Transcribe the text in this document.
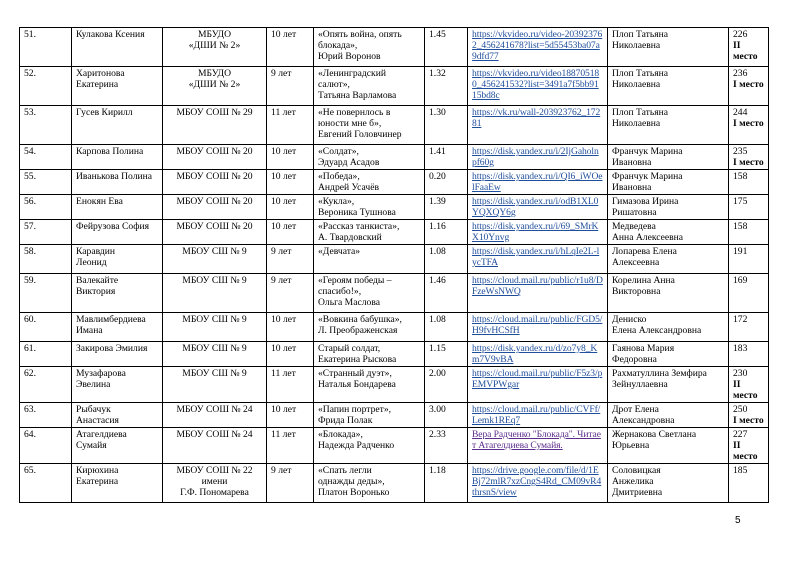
51.	Кулакова Ксения	МБУДО
«ДШИ № 2»	10 лет	«Опять война, опять
блокада»,
Юрий Воронов	1.45	https://vkvideo.ru/video-203923762_456241678?list=5d55453ba07a9dfd77	Плоп Татьяна
Николаевна	226
II место

52.	Харитонова
Екатерина	МБУДО
«ДШИ № 2»	9 лет	«Ленинградский
салют»,
Татьяна Варламова	1.32	https://vkvideo.ru/video188705180_456241532?list=3491a7f5bb9115bd8c	Плоп Татьяна
Николаевна	236
I место

53.	Гусев Кирилл	МБОУ СОШ № 29	11 лет	«Не повернлось в
юности мне б»,
Евгений Головчинер	1.30	https://vk.ru/wall-203923762_17281	Плоп Татьяна
Николаевна	244
I место

54.	Карпова Полина	МБОУ СОШ № 20	10 лет	«Солдат»,
Эдуард Асадов	1.41	https://disk.yandex.ru/i/2IjGaholnpf60g	Франчук Марина
Ивановна	235
I место

55.	Иванькова Полина	МБОУ СОШ № 20	10 лет	«Победа»,
Андрей Усачёв	0.20	https://disk.yandex.ru/i/QI6_iWOelFaaEw	Франчук Марина
Ивановна	158
56.	Енокян Ева	МБОУ СОШ № 20	10 лет	«Кукла»,
Вероника Тушнова	1.39	https://disk.yandex.ru/i/odB1XL0YQXQY6g	Гимазова Ирина
Ришатовна	175
57.	Фейрузова София	МБОУ СОШ № 20	10 лет	«Рассказ танкиста»,
А. Твардовский	1.16	https://disk.yandex.ru/i/69_SMrKX10Ynvg	Медведева
Анна Алексеевна	158
58.	Каравдин
Леонид	МБОУ СШ № 9	9 лет	«Девчата»	1.08	https://disk.yandex.ru/i/hLqIe2L-lycTFA	Лопарева Елена
Алексеевна	191
59.	Валекайте
Виктория	МБОУ СШ № 9	9 лет	«Героям победы –
спасибо!»,
Ольга Маслова	1.46	https://cloud.mail.ru/public/r1u8/DFzeWsNWQ	Корелина Анна
Викторовна	169
60.	Мавлимбердиева
Имана	МБОУ СШ № 9	10 лет	«Вовкина бабушка»,
Л. Преображенская	1.08	https://cloud.mail.ru/public/FGD5/H9fvHCSfH	Дениско
Елена Александровна	172
61.	Закирова Эмилия	МБОУ СШ № 9	10 лет	Старый солдат,
Екатерина Рыскова	1.15	https://disk.yandex.ru/d/zo7y8_Km7V9vBA	Гаянова Мария
Федоровна	183
62.	Музафарова
Эвелина	МБОУ СШ № 9	11 лет	«Странный дуэт»,
Наталья Бондарева	2.00	https://cloud.mail.ru/public/F5z3/pEMVPWgar	Рахматуллина Земфира
Зейнуллаевна	230
II место

63.	Рыбачук
Анастасия	МБОУ СОШ № 24	10 лет	«Папин портрет»,
Фрида Полак	3.00	https://cloud.mail.ru/public/CVFf/Lemk1REq7	Дрот Елена
Александровна	250
I место

64.	Атагелдиева Сумайя	МБОУ СОШ № 24	11 лет	«Блокада»,
Надежда Радченко	2.33	Вера Радченко "Блокада". Читает Атагелдиева Сумайя.	Жернакова Светлана
Юрьевна	227
II место

65.	Кирюхина
Екатерина	МБОУ СОШ № 22
имени
Г.Ф. Пономарева	9 лет	«Спать легли
однажды деды»,
Платон Воронько	1.18	https://drive.google.com/file/d/1EBj72mlR7xzCngS4Rd_CM09vR4thrsnS/view	Соловицкая
Анжелика
Дмитриевна	185
5
